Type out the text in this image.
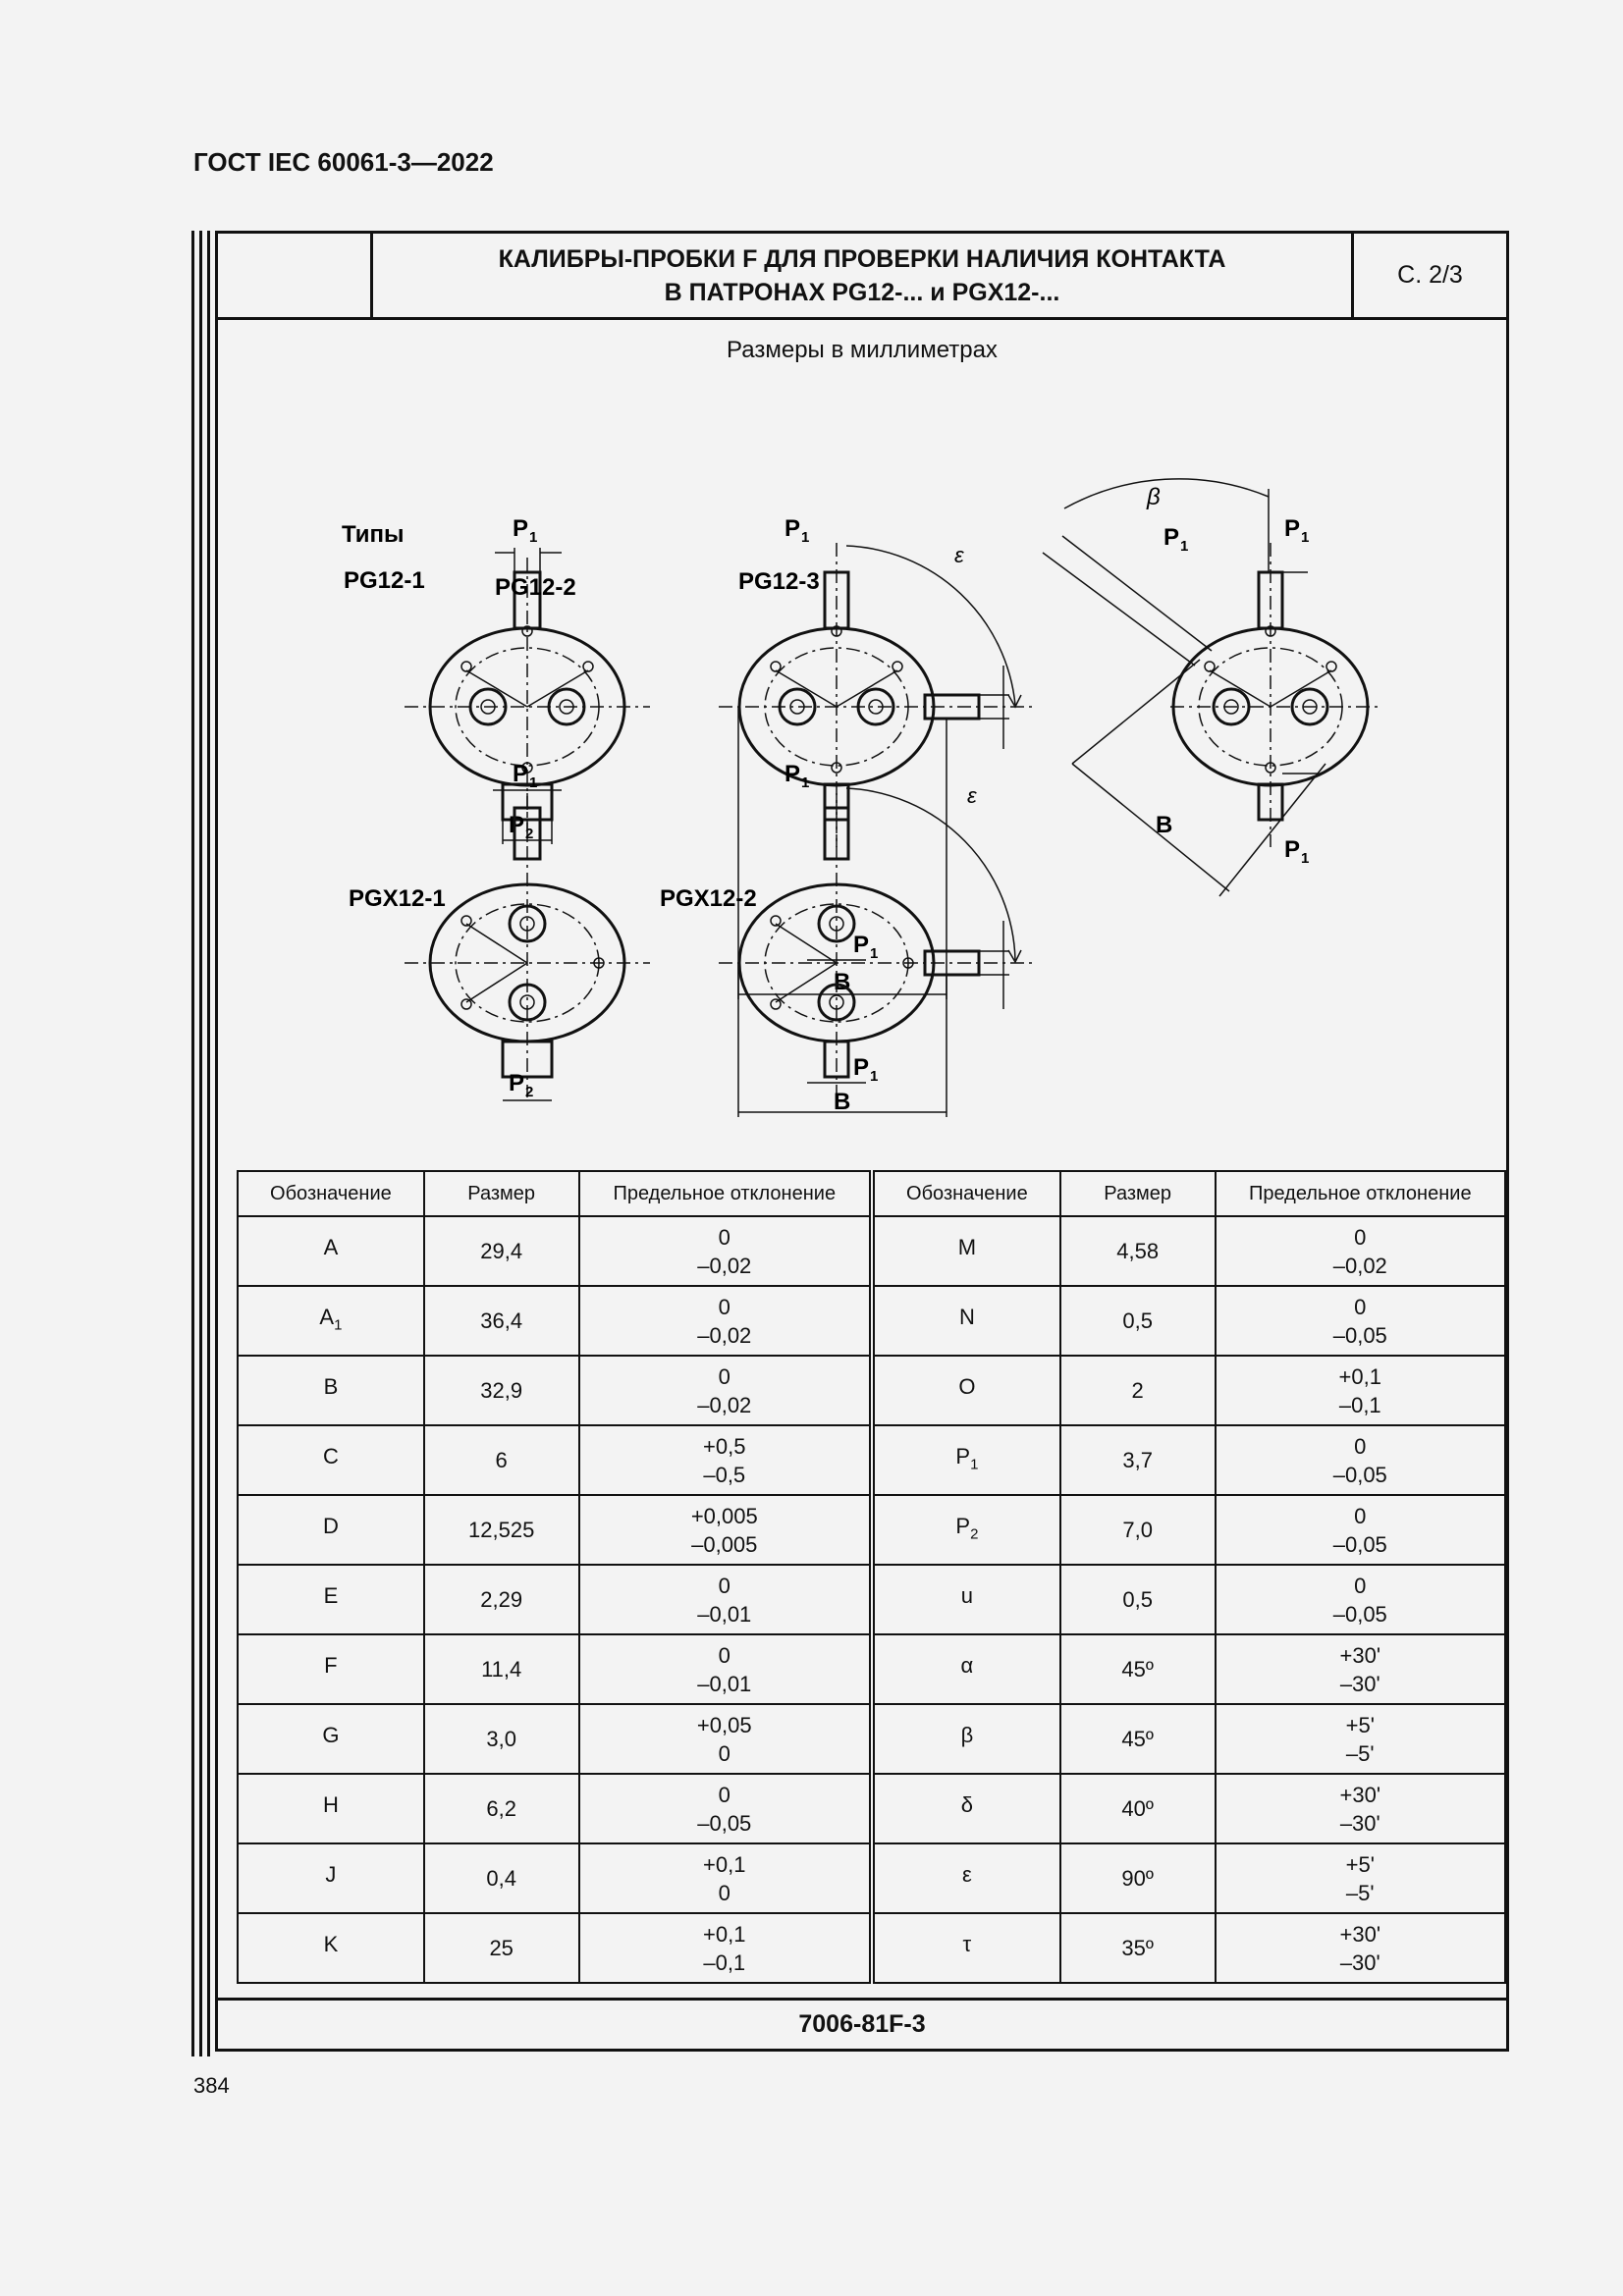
ГОСТ IEC 60061-3—2022
КАЛИБРЫ-ПРОБКИ F ДЛЯ ПРОВЕРКИ НАЛИЧИЯ КОНТАКТА
В ПАТРОНАХ PG12-... и PGX12-...
С. 2/3
Размеры в миллиметрах
Типы
PG12-1
P 1
P 2
PG12-2
P 1
ε
P 1
B
PG12-3
P 1
P 1
β
B
P 1
PGX12-1
P 1
P 2
PGX12-2
P 1
ε
P 1
B
Обозначение	Размер	Предельное отклонение	Обозначение	Размер	Предельное отклонение
A	29,4	0
–0,02	M	4,58	0
–0,02

$A_1$	36,4	0
–0,02	N	0,5	0
–0,05

B	32,9	0
–0,02	O	2	+0,1
–0,1

C	6	+0,5
–0,5	$P_1$	3,7	0
–0,05

D	12,525	+0,005
–0,005	$P_2$	7,0	0
–0,05

E	2,29	0
–0,01	u	0,5	0
–0,05

F	11,4	0
–0,01	α	45º	+30'
–30'

G	3,0	+0,05
0	β	45º	+5'
–5'

H	6,2	0
–0,05	δ	40º	+30'
–30'

J	0,4	+0,1
0	ε	90º	+5'
–5'

K	25	+0,1
–0,1	τ	35º	+30'
–30'
7006-81F-3
384
